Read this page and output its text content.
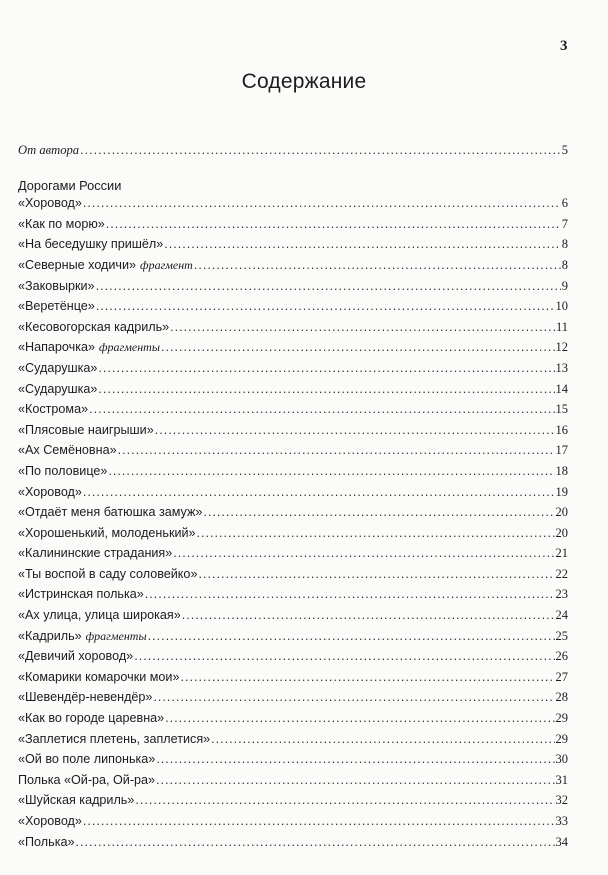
3
Содержание
От автора .....	5
Дорогами России
«Хоровод» .....	6
«Как по морю» .....	7
«На беседушку пришёл» .....	8
«Северные ходичи» фрагмент .....	8
«Заковырки» .....	9
«Веретёнце» .....	10
«Кесовогорская кадриль» .....	11
«Напарочка» фрагменты .....	12
«Сударушка» .....	13
«Сударушка» .....	14
«Кострома» .....	15
«Плясовые наигрыши» .....	16
«Ах Семёновна» .....	17
«По половице» .....	18
«Хоровод» .....	19
«Отдаёт меня батюшка замуж» .....	20
«Хорошенький, молоденький» .....	20
«Калининские страдания» .....	21
«Ты воспой в саду соловейко» .....	22
«Истринская полька» .....	23
«Ах улица, улица широкая» .....	24
«Кадриль» фрагменты .....	25
«Девичий хоровод» .....	26
«Комарики комарочки мои» .....	27
«Шевендёр-невендёр» .....	28
«Как во городе царевна» .....	29
«Заплетися плетень, заплетися» .....	29
«Ой во поле липонька» .....	30
Полька «Ой-ра, Ой-ра» .....	31
«Шуйская кадриль» .....	32
«Хоровод» .....	33
«Полька» .....	34
